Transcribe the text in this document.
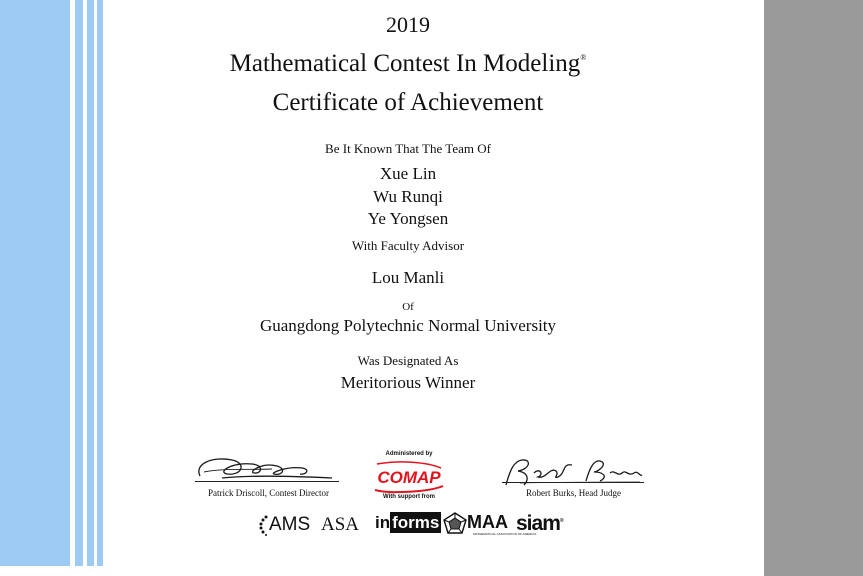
2019
Mathematical Contest In Modeling®
Certificate of Achievement
Be It Known That The Team Of
Xue Lin
Wu Runqi
Ye Yongsen
With Faculty Advisor
Lou Manli
Of
Guangdong Polytechnic Normal University
Was Designated As
Meritorious Winner
Patrick Driscoll, Contest Director	Robert Burks, Head Judge
Administered by
COMAP
With support from
AMS ASA in forms	MAA
MATHEMATICAL ASSOCIATION OF AMERICA
siam®
